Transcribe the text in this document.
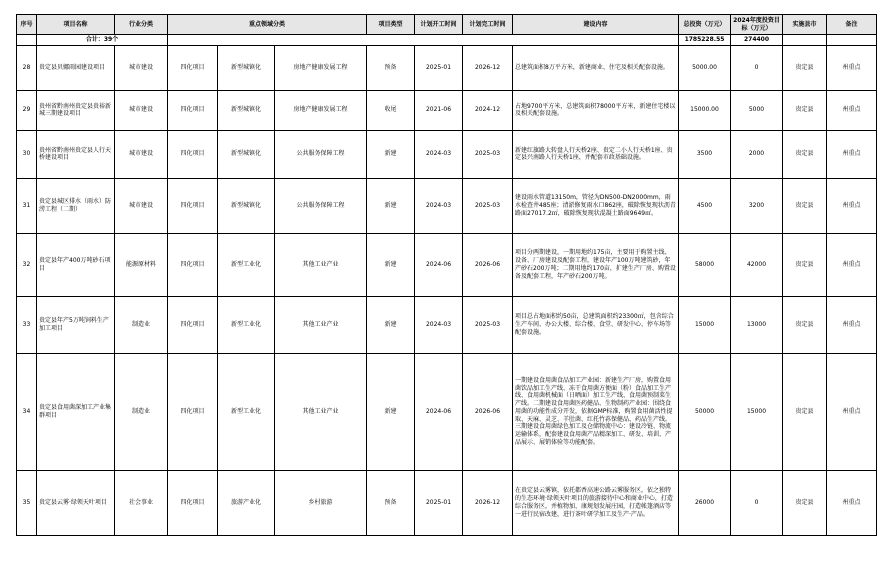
序号	项目名称	行业分类	重点领域分类			项目类型	计划开工时间	计划完工时间	建设内容	总投资（万元）	2024年度投资目标（万元）	实施县市	备注
	合计：39个									1785228.55	274400		
28	贵定县贝娜雨园建设项目	城市建设	四化项目	新型城镇化	房地产健康发展工程	预备	2025-01	2026-12	总建筑面积8万平方米，新建商业、住宅及相关配套设施。	5000.00	0	贵定县	州重点
29	贵州省黔南州贵定县贵裕新城三期建设项目	城市建设	四化项目	新型城镇化	房地产健康发展工程	收尾	2021-06	2024-12	占地9700平方米，总建筑面积78000平方米，新建住宅楼以及相关配套设施。	15000.00	5000	贵定县	州重点
30	贵州省黔南州贵定县人行天桥建设项目	城市建设	四化项目	新型城镇化	公共服务保障工程	新建	2024-03	2025-03	新建红旗路大转盘人行天桥2座、贵定二小人行天桥1座、贵定县兴南路人行天桥1座，并配套市政基础设施。	3500	2000	贵定县	州重点
31	贵定县城区排水（雨水）防涝工程（二期）	城市建设	四化项目	新型城镇化	公共服务保障工程	新建	2024-03	2025-03	建设雨水管道13150m，管径为DN500-DN2000mm，雨水检查井485座；清淤修复雨水口862座，破除恢复现状沥青路面27017.2㎡，破除恢复现状混凝土路面9649㎡。	4500	3200	贵定县	州重点
32	贵定县年产400万吨砂石项目	能源原材料	四化项目	新型工业化	其他工业产业	新建	2024-06	2026-06	项目分两期建设，一期用地约175亩，主要用于购置主线、设备、厂房建设及配套工程，建设年产100万吨建筑砂，年产砂石200万吨；二期用地约170亩，扩建生产厂房、购置设备及配套工程，年产砂石200万吨。	58000	42000	贵定县	州重点
33	贵定县年产5万吨饲料生产加工项目	制造业	四化项目	新型工业化	其他工业产业	新建	2024-03	2025-03	项目总占地面积约50亩，总建筑面积约23300㎡，包含综合生产车间、办公大楼、综合楼、食堂、研发中心、停车场等配套设施。	15000	13000	贵定县	州重点
34	贵定县食用菌深加工产业集群项目	制造业	四化项目	新型工业化	其他工业产业	新建	2024-06	2026-06	一期建设食用菌食品加工产业园：新建生产厂房，购置食用菌饮品加工生产线、冻干食用菌方便面（粉）食品加工生产线、食用菌机械面（日晒面）加工生产线、食用菌预制菜生产线。二期建设食用菌医药健品、生物制药产业园：围绕食用菌的功能性成分开发，依据GMP标准，购置食用菌活性提取、天麻、灵芝、羊肚菌、红托竹荪保健品、药品生产线。三期建设食用菌绿色加工及仓储物流中心：建设冷链、物流运输体系，配套建设食用菌产品精深加工、研发、培训、产品展示、展销体验等功能配套。	50000	15000	贵定县	州重点
35	贵定县云雾·绿领天叶项目	社会事业	四化项目	旅游产业化	乡村旅游	预备	2025-01	2026-12	在贵定县云雾镇，依托都香高速公路云雾服务区，依之独特的生态环境·绿领天叶项目的旅游接待中心和商业中心，打造综合服务区，并植物加、康规划发展庄园，打造帐篷酒店等一进行民宿改建，进行茶叶研学加工及生产·产品。	26000	0	贵定县	州重点
